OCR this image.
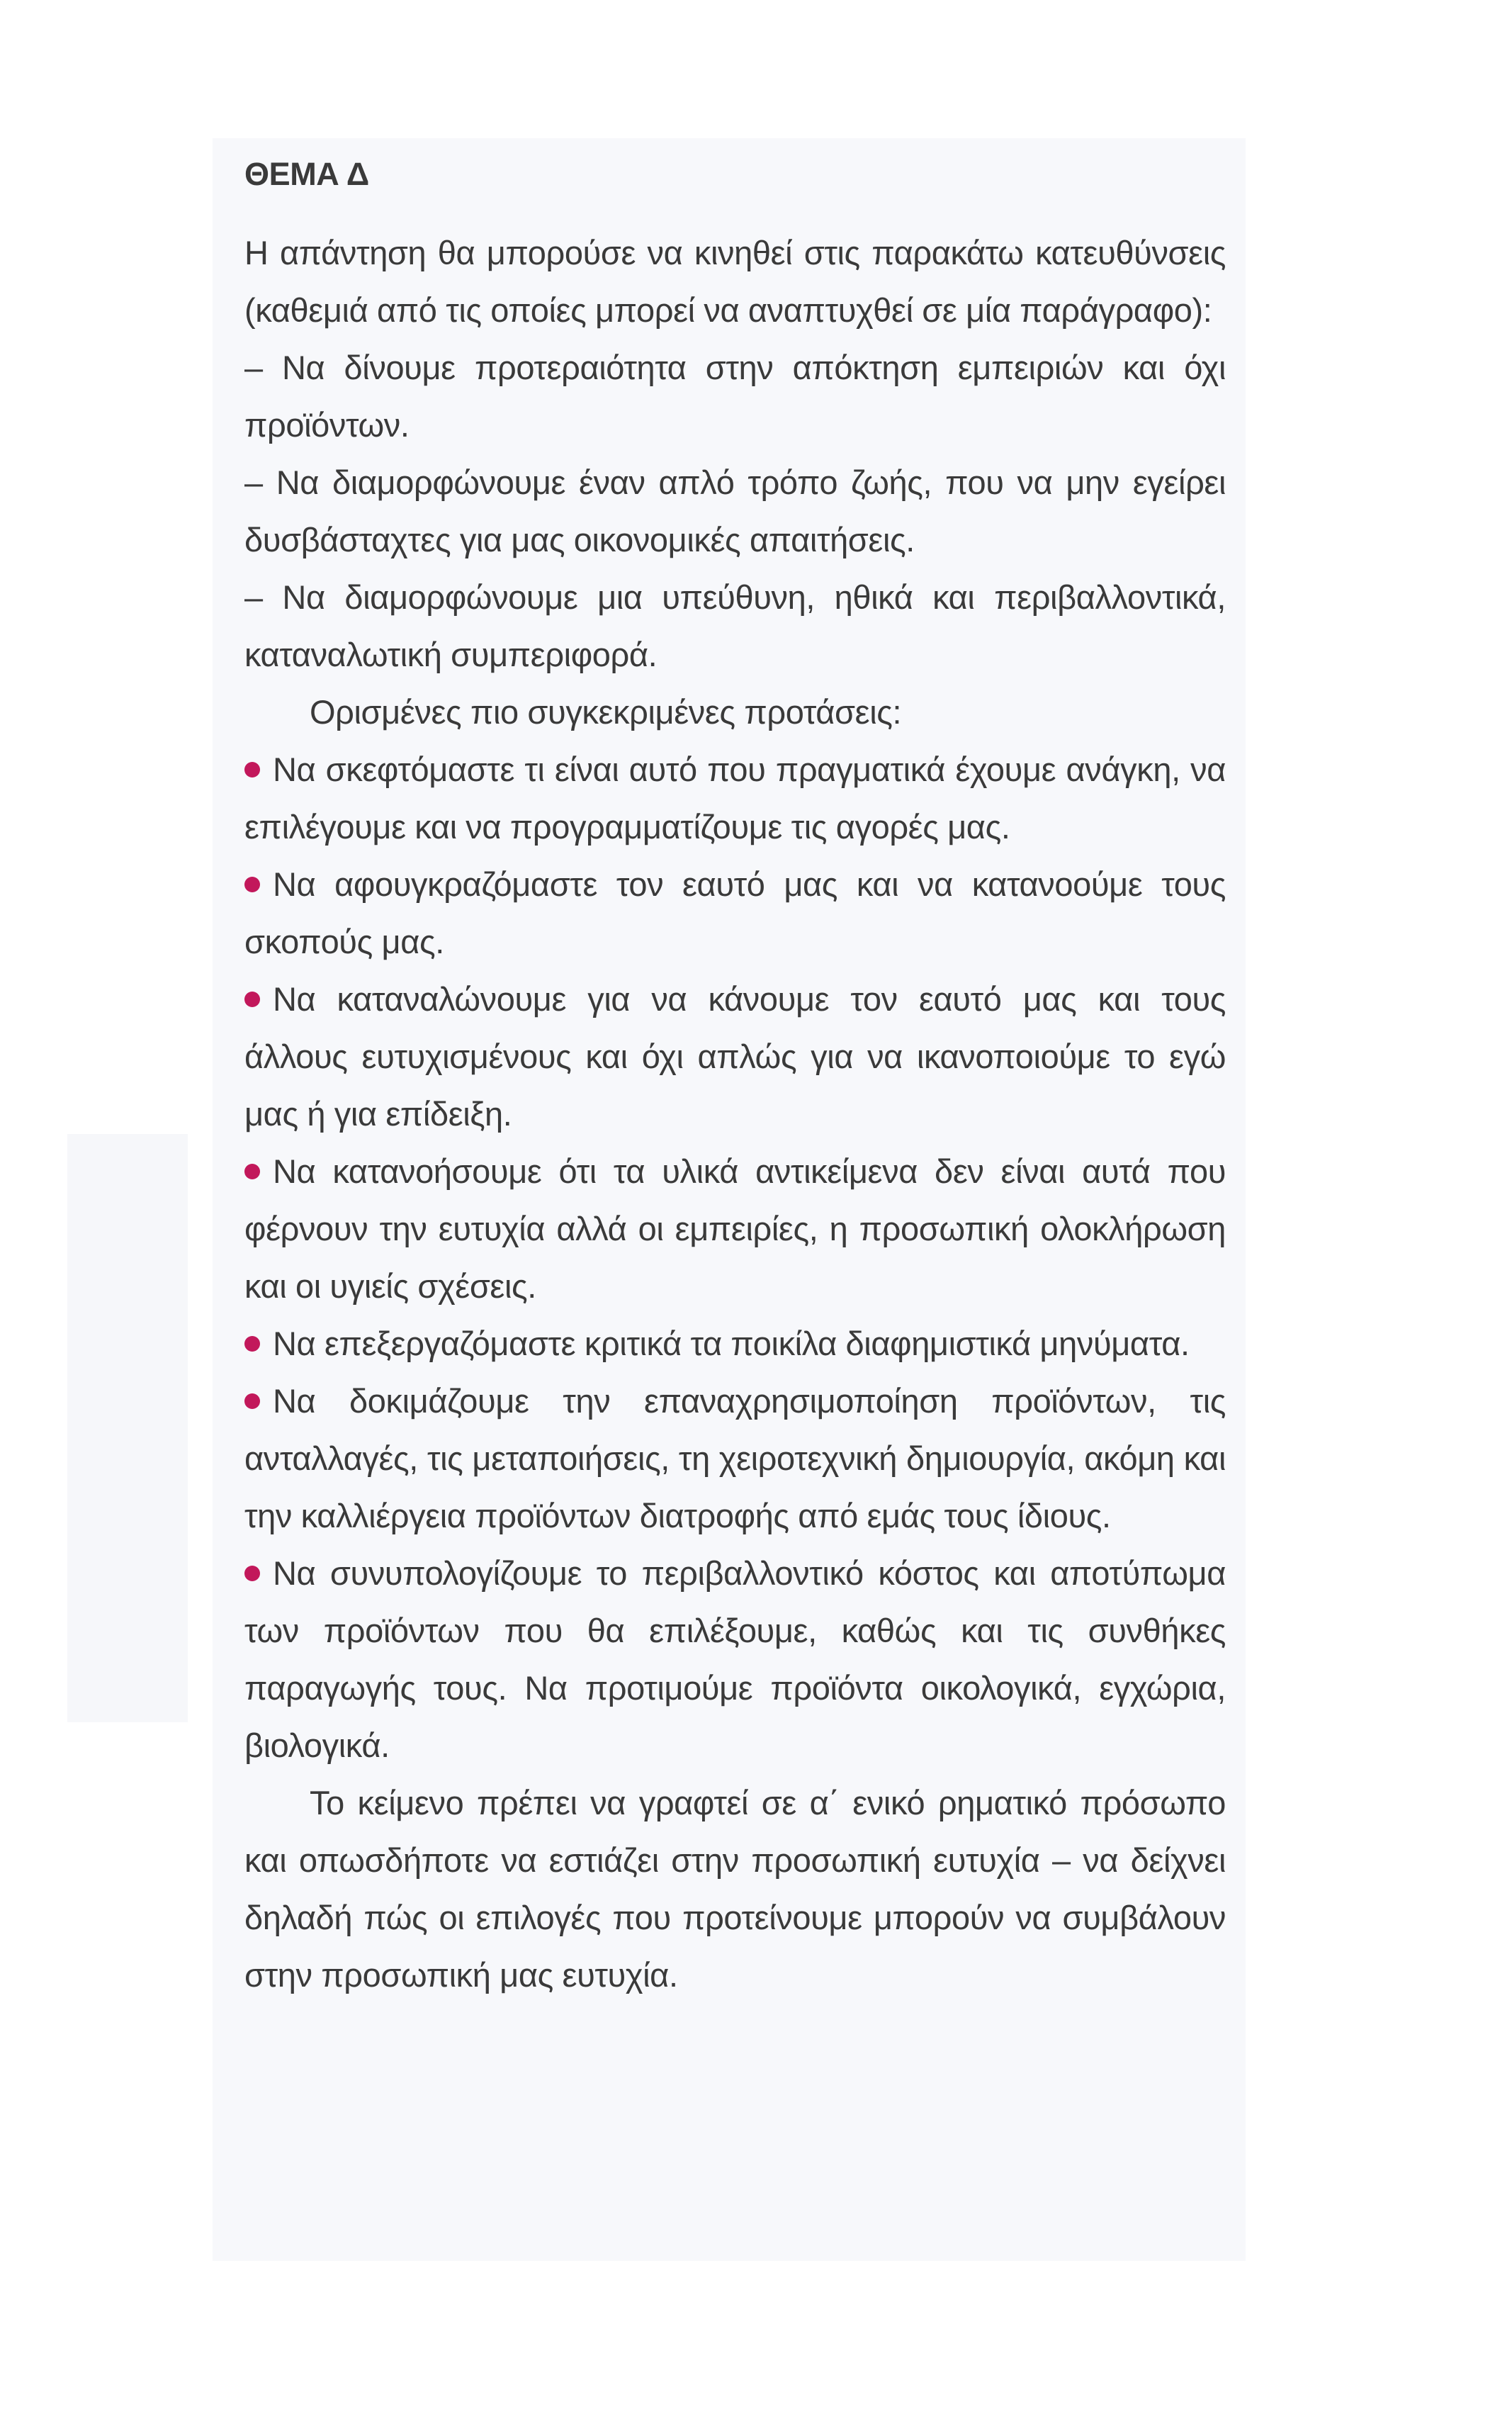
ΘΕΜΑ Δ

Η απάντηση θα μπορούσε να κινηθεί στις παρακάτω κατευθύνσεις (καθεμιά από τις οποίες μπορεί να αναπτυχθεί σε μία παράγραφο):

– Να δίνουμε προτεραιότητα στην απόκτηση εμπειριών και όχι προϊόντων.

– Να διαμορφώνουμε έναν απλό τρόπο ζωής, που να μην εγείρει δυσβάσταχτες για μας οικονομικές απαιτήσεις.

– Να διαμορφώνουμε μια υπεύθυνη, ηθικά και περιβαλλοντικά, καταναλωτική συμπεριφορά.

Ορισμένες πιο συγκεκριμένες προτάσεις:

Να σκεφτόμαστε τι είναι αυτό που πραγματικά έχουμε ανάγκη, να επιλέγουμε και να προγραμματίζουμε τις αγορές μας.

Να αφουγκραζόμαστε τον εαυτό μας και να κατανοούμε τους σκοπούς μας.

Να καταναλώνουμε για να κάνουμε τον εαυτό μας και τους άλλους ευτυχισμένους και όχι απλώς για να ικανοποιούμε το εγώ μας ή για επίδειξη.

Να κατανοήσουμε ότι τα υλικά αντικείμενα δεν είναι αυτά που φέρνουν την ευτυχία αλλά οι εμπειρίες, η προσωπική ολοκλήρωση και οι υγιείς σχέσεις.

Να επεξεργαζόμαστε κριτικά τα ποικίλα διαφημιστικά μηνύματα.

Να δοκιμάζουμε την επαναχρησιμοποίηση προϊόντων, τις ανταλλαγές, τις μεταποιήσεις, τη χειροτεχνική δημιουργία, ακόμη και την καλλιέργεια προϊόντων διατροφής από εμάς τους ίδιους.

Να συνυπολογίζουμε το περιβαλλοντικό κόστος και αποτύπωμα των προϊόντων που θα επιλέξουμε, καθώς και τις συνθήκες παραγωγής τους. Να προτιμούμε προϊόντα οικολογικά, εγχώρια, βιολογικά.

Το κείμενο πρέπει να γραφτεί σε α΄ ενικό ρηματικό πρόσωπο και οπωσδήποτε να εστιάζει στην προσωπική ευτυχία – να δείχνει δηλαδή πώς οι επιλογές που προτείνουμε μπορούν να συμβάλουν στην προσωπική μας ευτυχία.
